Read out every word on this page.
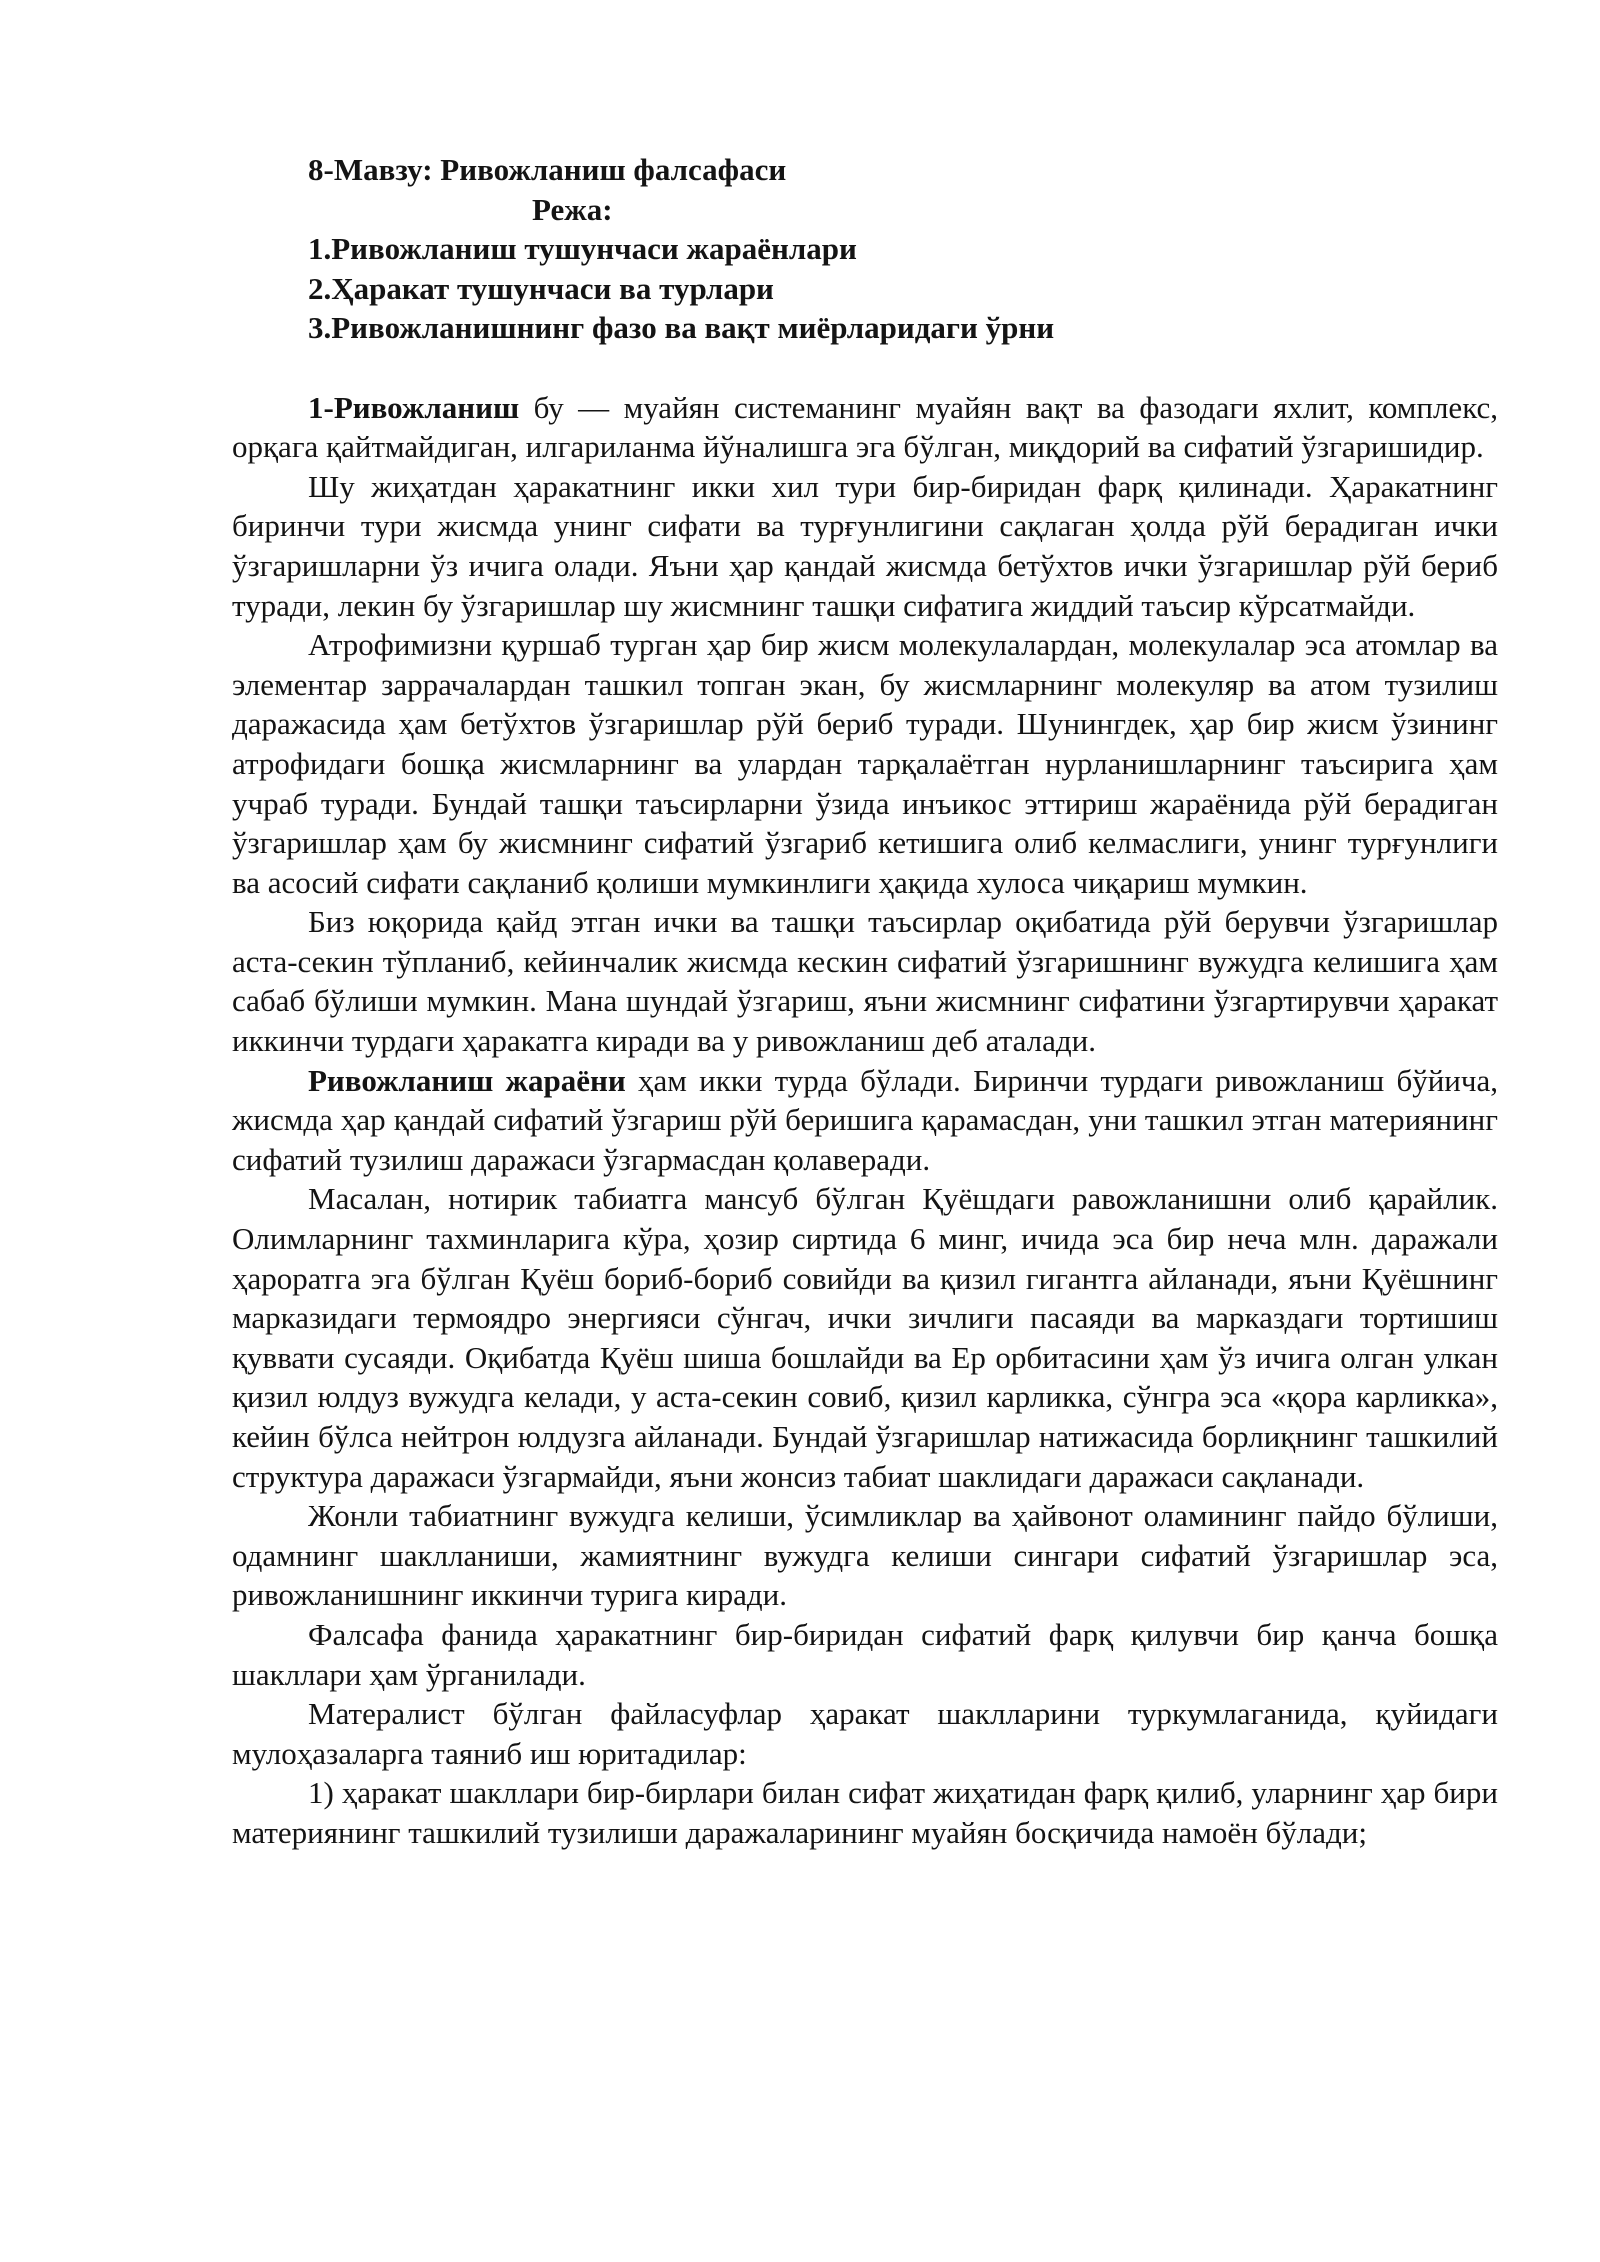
8-Мавзу: Ривожланиш фалсафаси
Режа:
1.Ривожланиш тушунчаси жараёнлари
2.Ҳаракат тушунчаси ва турлари
3.Ривожланишнинг фазо ва вақт миёрларидаги ўрни

1-Ривожланиш бу — муайян системанинг муайян вақт ва фазодаги яхлит, комплекс, орқага қайтмайдиган, илгариланма йўналишга эга бўлган, миқдорий ва сифатий ўзгаришидир.

Шу жиҳатдан ҳаракатнинг икки хил тури бир-биридан фарқ қилинади. Ҳаракатнинг биринчи тури жисмда унинг сифати ва турғунлигини сақлаган ҳолда рўй берадиган ички ўзгаришларни ўз ичига олади. Яъни ҳар қандай жисмда бетўхтов ички ўзгаришлар рўй бериб туради, лекин бу ўзгаришлар шу жисмнинг ташқи сифатига жиддий таъсир кўрсатмайди.

Атрофимизни қуршаб турган ҳар бир жисм молекулалардан, молекулалар эса атомлар ва элементар заррачалардан ташкил топган экан, бу жисмларнинг молекуляр ва атом тузилиш даражасида ҳам бетўхтов ўзгаришлар рўй бериб туради. Шунингдек, ҳар бир жисм ўзининг атрофидаги бошқа жисмларнинг ва улардан тарқалаётган нурланишларнинг таъсирига ҳам учраб туради. Бундай ташқи таъсирларни ўзида инъикос эттириш жараёнида рўй берадиган ўзгаришлар ҳам бу жисмнинг сифатий ўзгариб кетишига олиб келмаслиги, унинг турғунлиги ва асосий сифати сақланиб қолиши мумкинлиги ҳақида хулоса чиқариш мумкин.

Биз юқорида қайд этган ички ва ташқи таъсирлар оқибатида рўй берувчи ўзгаришлар аста-секин тўпланиб, кейинчалик жисмда кескин сифатий ўзгаришнинг вужудга келишига ҳам сабаб бўлиши мумкин. Мана шундай ўзгариш, яъни жисмнинг сифатини ўзгартирувчи ҳаракат иккинчи турдаги ҳаракатга киради ва у ривожланиш деб аталади.

Ривожланиш жараёни ҳам икки турда бўлади. Биринчи турдаги ривожланиш бўйича, жисмда ҳар қандай сифатий ўзгариш рўй беришига қарамасдан, уни ташкил этган материянинг сифатий тузилиш даражаси ўзгармасдан қолаверади.

Масалан, нотирик табиатга мансуб бўлган Қуёшдаги равожланишни олиб қарайлик. Олимларнинг тахминларига кўра, ҳозир сиртида 6 минг, ичида эса бир неча млн. даражали ҳароратга эга бўлган Қуёш бориб-бориб совийди ва қизил гигантга айланади, яъни Қуёшнинг марказидаги термоядро энергияси сўнгач, ички зичлиги пасаяди ва марказдаги тортишиш қуввати сусаяди. Оқибатда Қуёш шиша бошлайди ва Ер орбитасини ҳам ўз ичига олган улкан қизил юлдуз вужудга келади, у аста-секин совиб, қизил карликка, сўнгра эса «қора карликка», кейин бўлса нейтрон юлдузга айланади. Бундай ўзгаришлар натижасида борлиқнинг ташкилий структура даражаси ўзгармайди, яъни жонсиз табиат шаклидаги даражаси сақланади.

Жонли табиатнинг вужудга келиши, ўсимликлар ва ҳайвонот оламининг пайдо бўлиши, одамнинг шаклланиши, жамиятнинг вужудга келиши сингари сифатий ўзгаришлар эса, ривожланишнинг иккинчи турига киради.

Фалсафа фанида ҳаракатнинг бир-биридан сифатий фарқ қилувчи бир қанча бошқа шакллари ҳам ўрганилади.

Матералист бўлган файласуфлар ҳаракат шаклларини туркумлаганида, қуйидаги мулоҳазаларга таяниб иш юритадилар:

1) ҳаракат шакллари бир-бирлари билан сифат жиҳатидан фарқ қилиб, уларнинг ҳар бири материянинг ташкилий тузилиши даражаларининг муайян босқичида намоён бўлади;
